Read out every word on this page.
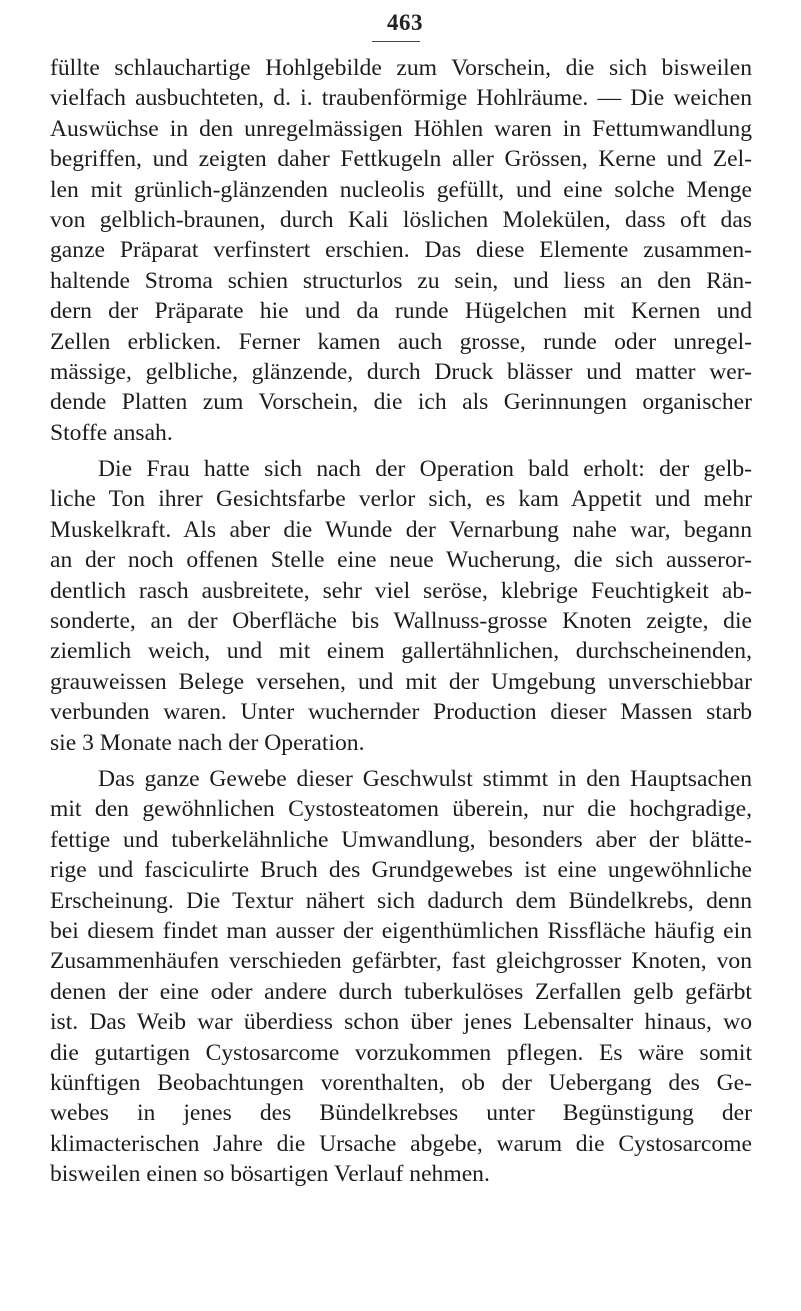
463
füllte schlauchartige Hohlgebilde zum Vorschein, die sich bisweilen
vielfach ausbuchteten, d. i. traubenförmige Hohlräume. — Die weichen
Auswüchse in den unregelmässigen Höhlen waren in Fettumwandlung
begriffen, und zeigten daher Fettkugeln aller Grössen, Kerne und Zel-
len mit grünlich-glänzenden nucleolis gefüllt, und eine solche Menge
von gelblich-braunen, durch Kali löslichen Molekülen, dass oft das
ganze Präparat verfinstert erschien. Das diese Elemente zusammen-
haltende Stroma schien structurlos zu sein, und liess an den Rän-
dern der Präparate hie und da runde Hügelchen mit Kernen und
Zellen erblicken. Ferner kamen auch grosse, runde oder unregel-
mässige, gelbliche, glänzende, durch Druck blässer und matter wer-
dende Platten zum Vorschein, die ich als Gerinnungen organischer
Stoffe ansah.
Die Frau hatte sich nach der Operation bald erholt: der gelb-
liche Ton ihrer Gesichtsfarbe verlor sich, es kam Appetit und mehr
Muskelkraft. Als aber die Wunde der Vernarbung nahe war, begann
an der noch offenen Stelle eine neue Wucherung, die sich ausseror-
dentlich rasch ausbreitete, sehr viel seröse, klebrige Feuchtigkeit ab-
sonderte, an der Oberfläche bis Wallnuss-grosse Knoten zeigte, die
ziemlich weich, und mit einem gallertähnlichen, durchscheinenden,
grauweissen Belege versehen, und mit der Umgebung unverschiebbar
verbunden waren. Unter wuchernder Production dieser Massen starb
sie 3 Monate nach der Operation.
Das ganze Gewebe dieser Geschwulst stimmt in den Hauptsachen
mit den gewöhnlichen Cystosteatomen überein, nur die hochgradige,
fettige und tuberkelähnliche Umwandlung, besonders aber der blätte-
rige und fasciculirte Bruch des Grundgewebes ist eine ungewöhnliche
Erscheinung. Die Textur nähert sich dadurch dem Bündelkrebs, denn
bei diesem findet man ausser der eigenthümlichen Rissfläche häufig ein
Zusammenhäufen verschieden gefärbter, fast gleichgrosser Knoten, von
denen der eine oder andere durch tuberkulöses Zerfallen gelb gefärbt
ist. Das Weib war überdiess schon über jenes Lebensalter hinaus, wo
die gutartigen Cystosarcome vorzukommen pflegen. Es wäre somit
künftigen Beobachtungen vorenthalten, ob der Uebergang des Ge-
webes in jenes des Bündelkrebses unter Begünstigung der
klimacterischen Jahre die Ursache abgebe, warum die Cystosarcome
bisweilen einen so bösartigen Verlauf nehmen.
